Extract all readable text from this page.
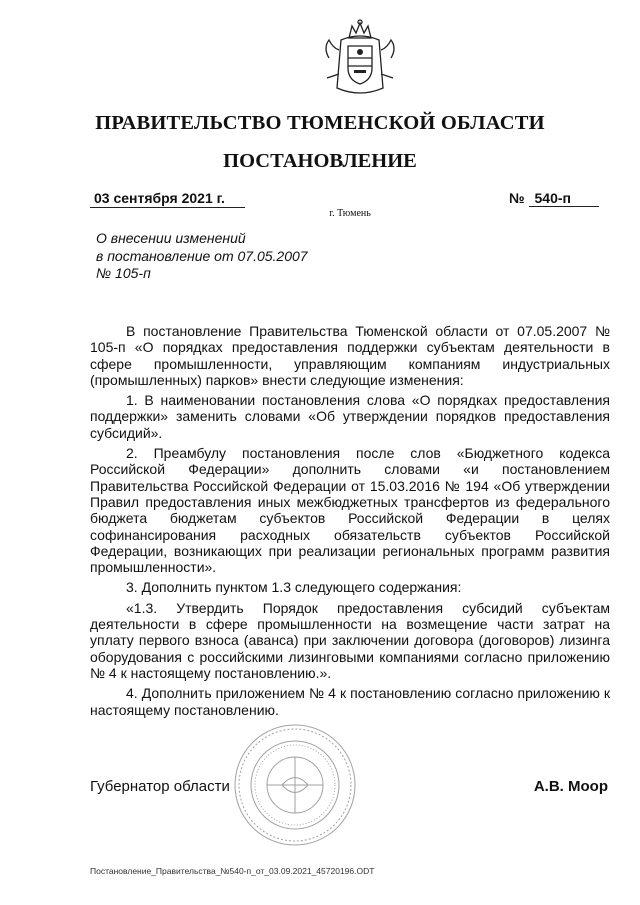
ПРАВИТЕЛЬСТВО ТЮМЕНСКОЙ ОБЛАСТИ
ПОСТАНОВЛЕНИЕ
03 сентября 2021 г.	№ 540-п
г. Тюмень
О внесении изменений
в постановление от 07.05.2007
№ 105-п

В постановление Правительства Тюменской области от 07.05.2007 № 105-п «О порядках предоставления поддержки субъектам деятельности в сфере промышленности, управляющим компаниям индустриальных (промышленных) парков» внести следующие изменения:

1. В наименовании постановления слова «О порядках предоставления поддержки» заменить словами «Об утверждении порядков предоставления субсидий».

2. Преамбулу постановления после слов «Бюджетного кодекса Российской Федерации» дополнить словами «и постановлением Правительства Российской Федерации от 15.03.2016 № 194 «Об утверждении Правил предоставления иных межбюджетных трансфертов из федерального бюджета бюджетам субъектов Российской Федерации в целях софинансирования расходных обязательств субъектов Российской Федерации, возникающих при реализации региональных программ развития промышленности».

3. Дополнить пунктом 1.3 следующего содержания:

«1.3. Утвердить Порядок предоставления субсидий субъектам деятельности в сфере промышленности на возмещение части затрат на уплату первого взноса (аванса) при заключении договора (договоров) лизинга оборудования с российскими лизинговыми компаниями согласно приложению № 4 к настоящему постановлению.».

4. Дополнить приложением № 4 к постановлению согласно приложению к настоящему постановлению.

Губернатор области	А.В. Моор
Постановление_Правительства_№540-п_от_03.09.2021_45720196.ODT
